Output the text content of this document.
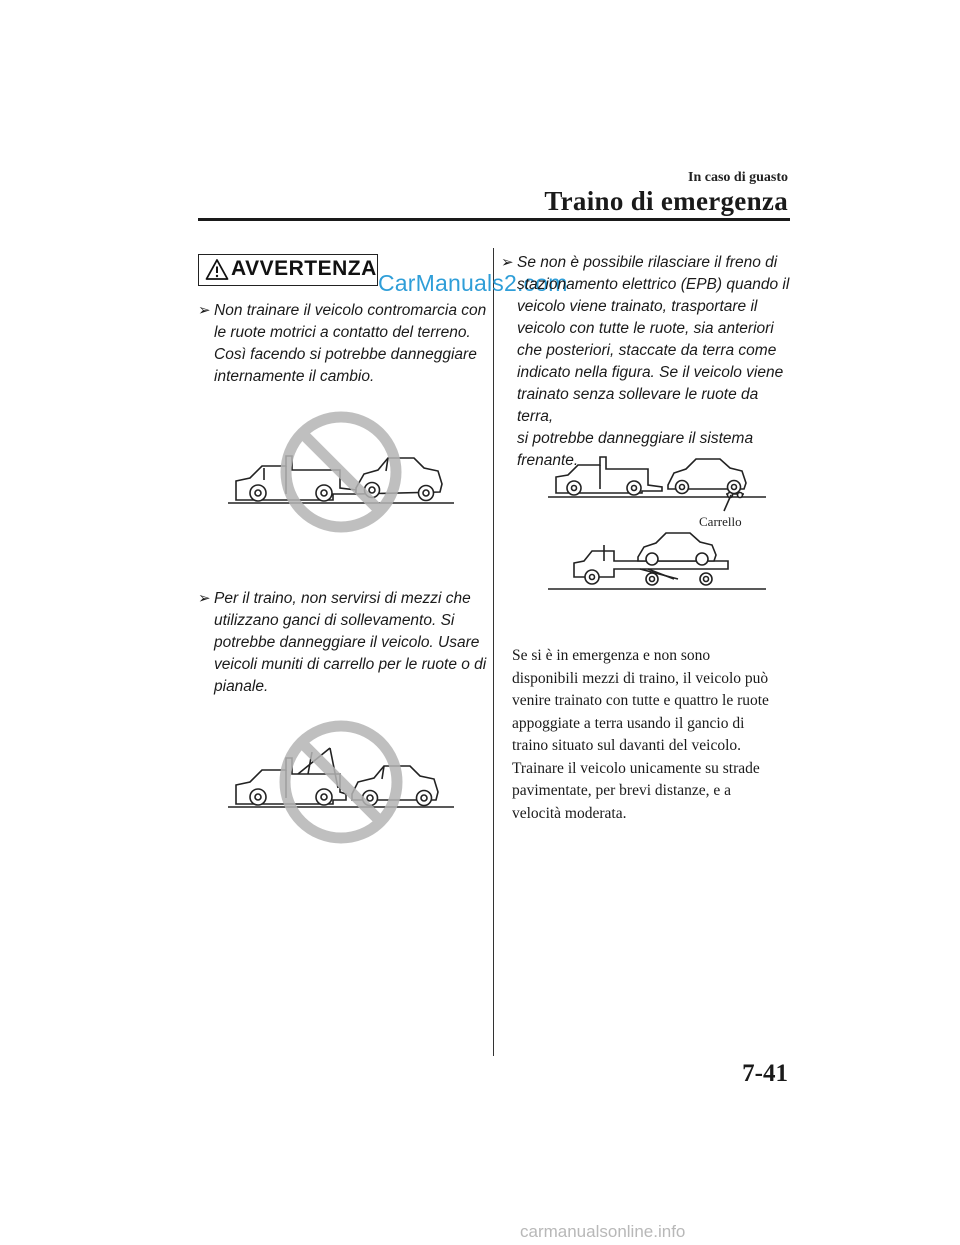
In caso di guasto
Traino di emergenza
AVVERTENZA
CarManuals2.com
➢ Non trainare il veicolo contromarcia con
le ruote motrici a contatto del terreno.
Così facendo si potrebbe danneggiare
internamente il cambio.
➢ Per il traino, non servirsi di mezzi che
utilizzano ganci di sollevamento. Si
potrebbe danneggiare il veicolo. Usare
veicoli muniti di carrello per le ruote o di
pianale.
➢ Se non è possibile rilasciare il freno di
stazionamento elettrico (EPB) quando il
veicolo viene trainato, trasportare il
veicolo con tutte le ruote, sia anteriori
che posteriori, staccate da terra come
indicato nella figura. Se il veicolo viene
trainato senza sollevare le ruote da terra,
si potrebbe danneggiare il sistema
frenante.
Carrello
Se si è in emergenza e non sono
disponibili mezzi di traino, il veicolo può
venire trainato con tutte e quattro le ruote
appoggiate a terra usando il gancio di
traino situato sul davanti del veicolo.
Trainare il veicolo unicamente su strade
pavimentate, per brevi distanze, e a
velocità moderata.
7-41
carmanualsonline.info
